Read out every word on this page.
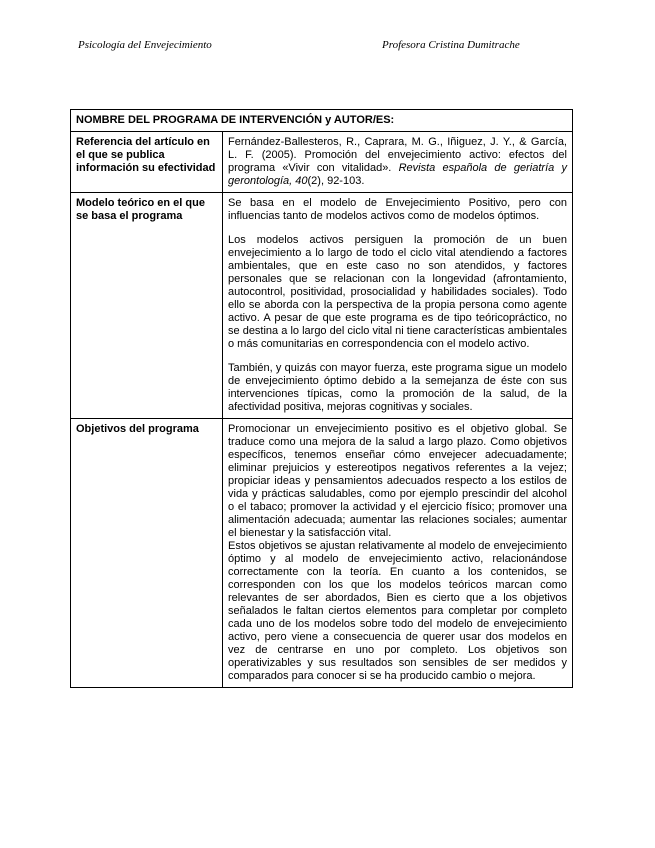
Psicología del Envejecimiento	Profesora Cristina Dumitrache
NOMBRE DEL PROGRAMA DE INTERVENCIÓN y AUTOR/ES:	
Referencia del artículo en el que se publica información su efectividad	Fernández-Ballesteros, R., Caprara, M. G., Iñiguez, J. Y., & García, L. F. (2005). Promoción del envejecimiento activo: efectos del programa «Vivir con vitalidad». Revista española de geriatría y gerontología, 40(2), 92-103.

Modelo teórico en el que se basa el programa	Se basa en el modelo de Envejecimiento Positivo, pero con influencias tanto de modelos activos como de modelos óptimos.

Los modelos activos persiguen la promoción de un buen envejecimiento a lo largo de todo el ciclo vital atendiendo a factores ambientales, que en este caso no son atendidos, y factores personales que se relacionan con la longevidad (afrontamiento, autocontrol, positividad, prosocialidad y habilidades sociales). Todo ello se aborda con la perspectiva de la propia persona como agente activo. A pesar de que este programa es de tipo teóricopráctico, no se destina a lo largo del ciclo vital ni tiene características ambientales o más comunitarias en correspondencia con el modelo activo.

También, y quizás con mayor fuerza, este programa sigue un modelo de envejecimiento óptimo debido a la semejanza de éste con sus intervenciones típicas, como la promoción de la salud, de la afectividad positiva, mejoras cognitivas y sociales.

Objetivos del programa	Promocionar un envejecimiento positivo es el objetivo global. Se traduce como una mejora de la salud a largo plazo. Como objetivos específicos, tenemos enseñar cómo envejecer adecuadamente; eliminar prejuicios y estereotipos negativos referentes a la vejez; propiciar ideas y pensamientos adecuados respecto a los estilos de vida y prácticas saludables, como por ejemplo prescindir del alcohol o el tabaco; promover la actividad y el ejercicio físico; promover una alimentación adecuada; aumentar las relaciones sociales; aumentar el bienestar y la satisfacción vital.

Estos objetivos se ajustan relativamente al modelo de envejecimiento óptimo y al modelo de envejecimiento activo, relacionándose correctamente con la teoría. En cuanto a los contenidos, se corresponden con los que los modelos teóricos marcan como relevantes de ser abordados, Bien es cierto que a los objetivos señalados le faltan ciertos elementos para completar por completo cada uno de los modelos sobre todo del modelo de envejecimiento activo, pero viene a consecuencia de querer usar dos modelos en vez de centrarse en uno por completo. Los objetivos son operativizables y sus resultados son sensibles de ser medidos y comparados para conocer si se ha producido cambio o mejora.
